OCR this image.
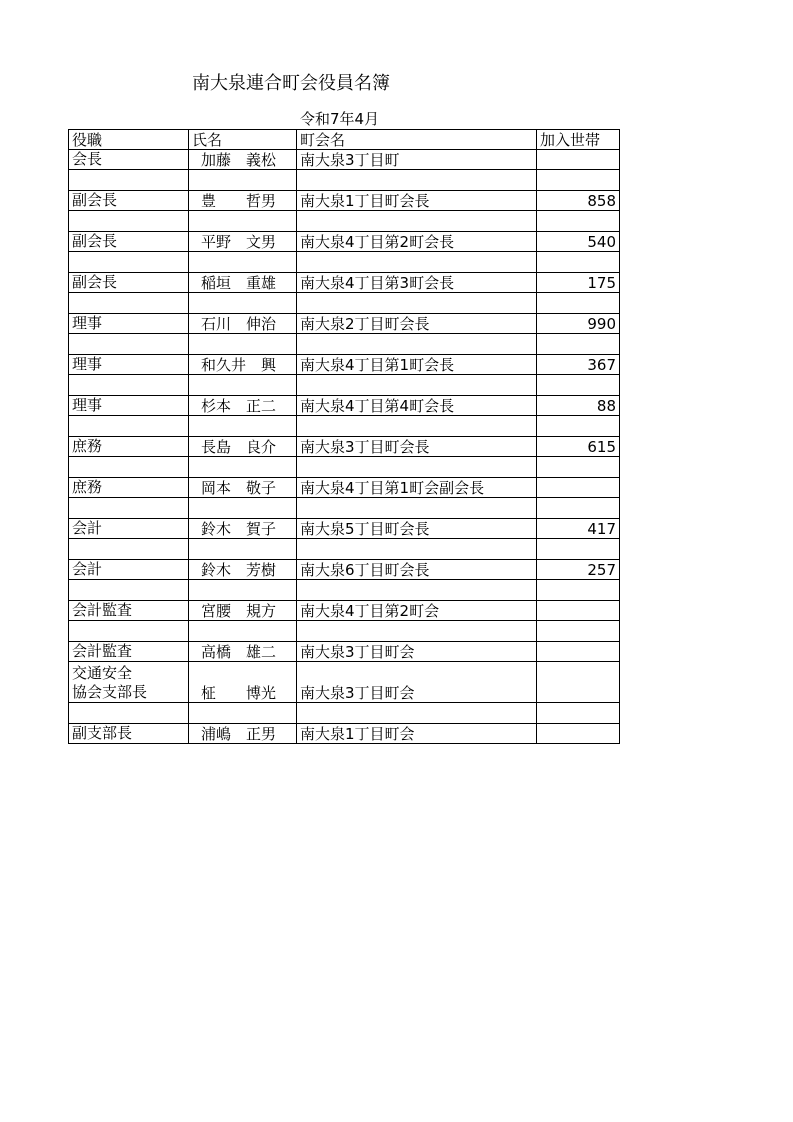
南大泉連合町会役員名簿
令和7年4月
役職	氏名	町会名	加入世帯
会長	加藤　義松	南大泉3丁目町	

副会長	豊　　哲男	南大泉1丁目町会長	858

副会長	平野　文男	南大泉4丁目第2町会長	540

副会長	稲垣　重雄	南大泉4丁目第3町会長	175

理事	石川　伸治	南大泉2丁目町会長	990

理事	和久井　興	南大泉4丁目第1町会長	367

理事	杉本　正二	南大泉4丁目第4町会長	88

庶務	長島　良介	南大泉3丁目町会長	615

庶務	岡本　敬子	南大泉4丁目第1町会副会長	

会計	鈴木　賀子	南大泉5丁目町会長	417

会計	鈴木　芳樹	南大泉6丁目町会長	257

会計監査	宮腰　規方	南大泉4丁目第2町会	

会計監査	高橋　雄二	南大泉3丁目町会	
交通安全
協会支部長	柾　　博光	南大泉3丁目町会	

副支部長	浦嶋　正男	南大泉1丁目町会	
